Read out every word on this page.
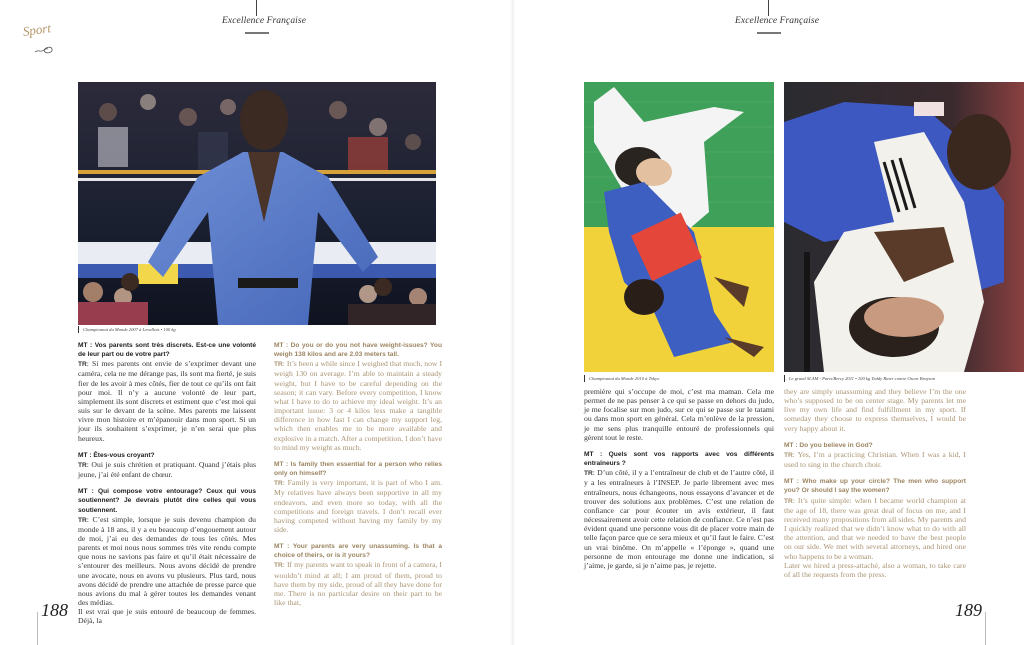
Excellence Française
Sport	Excellence Française
Championnat du Monde 2007 à Levallois • 100 kg

MT : Vos parents sont très discrets. Est-ce une volonté de leur part ou de votre part?
TR: Si mes parents ont envie de s’exprimer devant une caméra, cela ne me dérange pas, ils sont ma fierté, je suis fier de les avoir à mes côtés, fier de tout ce qu’ils ont fait pour moi. Il n’y a aucune volonté de leur part, simplement ils sont discrets et estiment que c’est moi qui suis sur le devant de la scène. Mes parents me laissent vivre mon histoire et m’épanouir dans mon sport. Si un jour ils souhaitent s’exprimer, je n’en serai que plus heureux.

MT : Êtes-vous croyant?
TR: Oui je suis chrétien et pratiquant. Quand j’étais plus jeune, j’ai été enfant de chœur.

MT : Qui compose votre entourage? Ceux qui vous soutiennent? Je devrais plutôt dire celles qui vous soutiennent.
TR: C’est simple, lorsque je suis devenu champion du monde à 18 ans, il y a eu beaucoup d’engouement autour de moi, j’ai eu des demandes de tous les côtés. Mes parents et moi nous nous sommes très vite rendu compte que nous ne savions pas faire et qu’il était nécessaire de s’entourer des meilleurs. Nous avons décidé de prendre une avocate, nous en avons vu plusieurs. Plus tard, nous avons décidé de prendre une attachée de presse parce que nous avions du mal à gérer toutes les demandes venant des médias.

Il est vrai que je suis entouré de beaucoup de femmes. Déjà, la

MT : Do you or do you not have weight-issues? You weigh 138 kilos and are 2.03 meters tall.
TR: It’s been a while since I weighed that much, now I weigh 130 on average. I’m able to maintain a steady weight, but I have to be careful depending on the season; it can vary. Before every competition, I know what I have to do to achieve my ideal weight. It’s an important issue: 3 or 4 kilos less make a tangible difference in how fast I can change my support leg, which then enables me to be more available and explosive in a match. After a competition, I don’t have to mind my weight as much.

MT : Is family then essential for a person who relies only on himself?
TR: Family is very important, it is part of who I am. My relatives have always been supportive in all my endeavors, and even more so today, with all the competitions and foreign travels. I don’t recall ever having competed without having my family by my side.

MT : Your parents are very unassuming. Is that a choice of theirs, or is it yours?
TR: If my parents want to speak in front of a camera, I wouldn’t mind at all; I am proud of them, proud to have them by my side, proud of all they have done for me. There is no particular desire on their part to be like that,

Championnat du Monde 2010 à Tokyo	Le grand SLAM - Paris/Bercy 2011 • 100 kg Teddy Riner contre Oscar Brayson

première qui s’occupe de moi, c’est ma maman. Cela me permet de ne pas penser à ce qui se passe en dehors du judo, je me focalise sur mon judo, sur ce qui se passe sur le tatami ou dans mon sport en général. Cela m’enlève de la pression, je me sens plus tranquille entouré de professionnels qui gèrent tout le reste.

MT : Quels sont vos rapports avec vos différents entraîneurs ?
TR: D’un côté, il y a l’entraîneur de club et de l’autre côté, il y a les entraîneurs à l’INSEP. Je parle librement avec mes entraîneurs, nous échangeons, nous essayons d’avancer et de trouver des solutions aux problèmes. C’est une relation de confiance car pour écouter un avis extérieur, il faut nécessairement avoir cette relation de confiance. Ce n’est pas évident quand une personne vous dit de placer votre main de telle façon parce que ce sera mieux et qu’il faut le faire. C’est un vrai binôme. On m’appelle « l’éponge », quand une personne de mon entourage me donne une indication, si j’aime, je garde, si je n’aime pas, je rejette.

they are simply unassuming and they believe I’m the one who’s supposed to be on center stage. My parents let me live my own life and find fulfillment in my sport. If someday they choose to express themselves, I would be very happy about it.

MT : Do you believe in God?
TR: Yes, I’m a practicing Christian. When I was a kid, I used to sing in the church choir.

MT : Who make up your circle? The men who support you? Or should I say the women?
TR: It’s quite simple: when I became world champion at the age of 18, there was great deal of focus on me, and I received many propositions from all sides. My parents and I quickly realized that we didn’t know what to do with all the attention, and that we needed to have the best people on our side. We met with several attorneys, and hired one who happens to be a woman.

Later we hired a press-attaché, also a woman, to take care of all the requests from the press.

188	189
